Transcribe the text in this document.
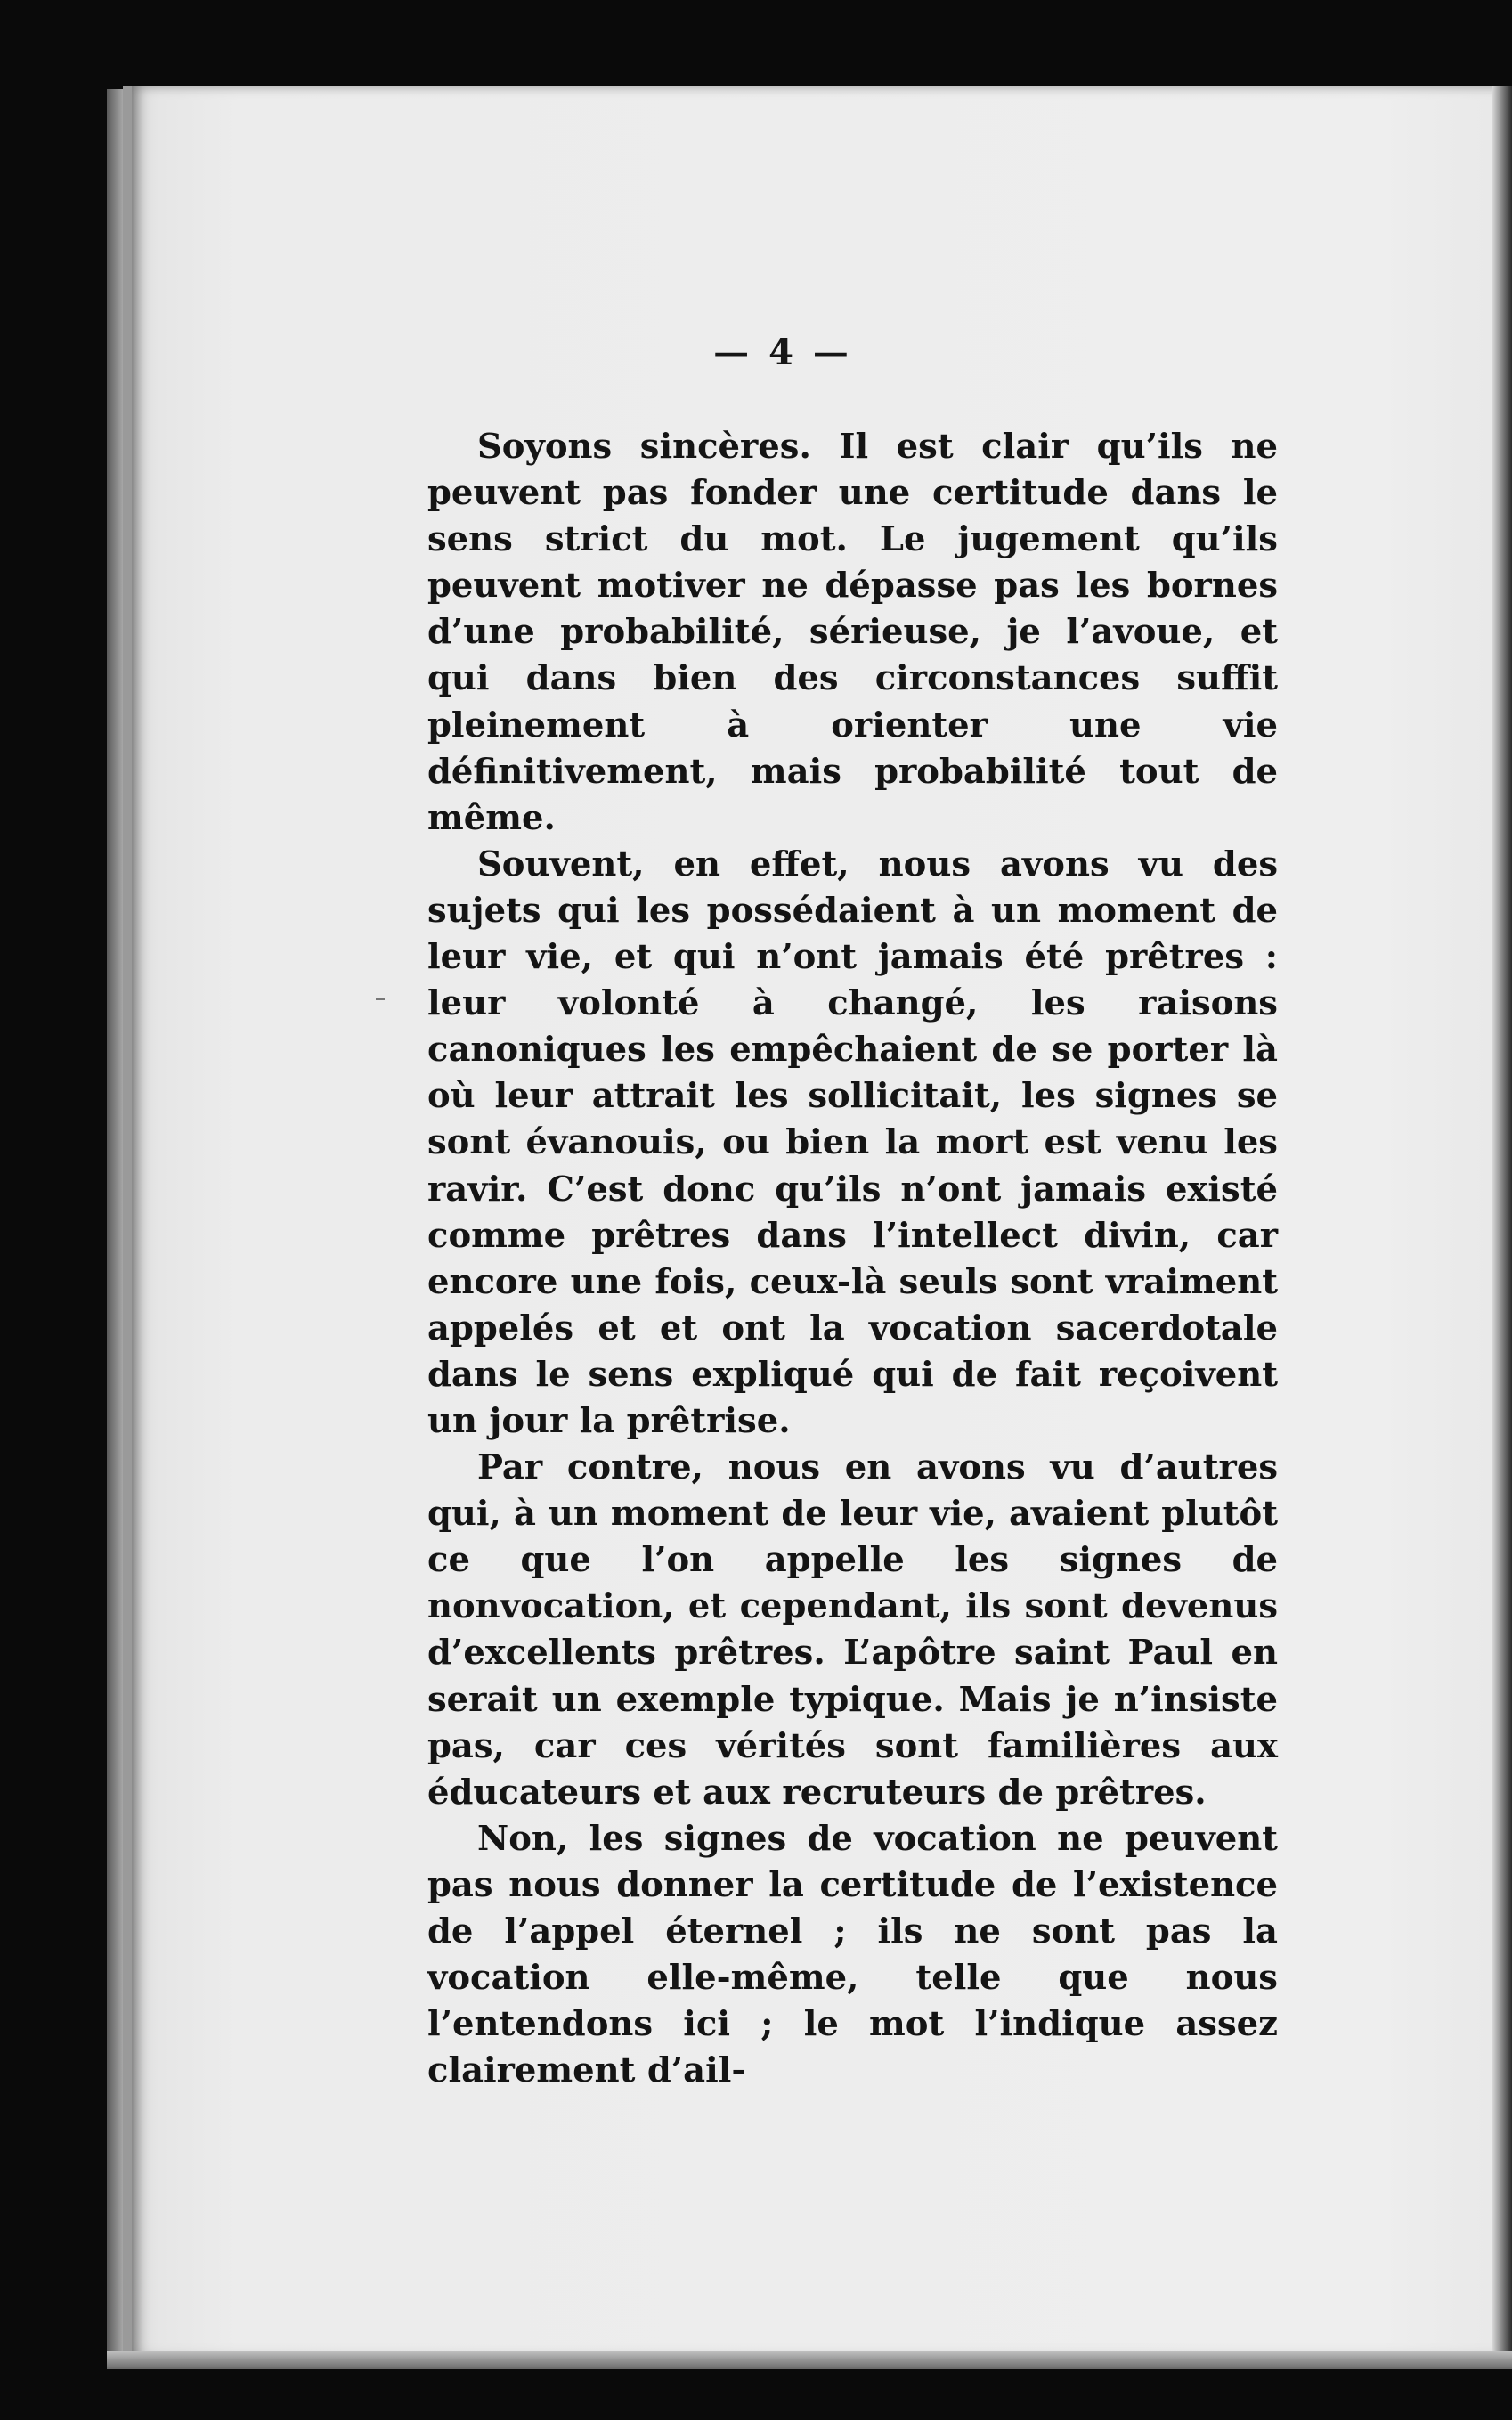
— 4 —

Soyons sincères. Il est clair qu’ils ne peuvent pas fonder une certitude dans le sens strict du mot. Le jugement qu’ils peuvent motiver ne dépasse pas les bornes d’une probabilité, sérieuse, je l’avoue, et qui dans bien des circonstances suffit pleinement à orienter une vie définitivement, mais probabilité tout de même.

Souvent, en effet, nous avons vu des sujets qui les possédaient à un moment de leur vie, et qui n’ont jamais été prêtres : leur volonté à changé, les raisons canoniques les empêchaient de se porter là où leur attrait les sollicitait, les signes se sont évanouis, ou bien la mort est venu les ravir. C’est donc qu’ils n’ont jamais existé comme prêtres dans l’intellect divin, car encore une fois, ceux-là seuls sont vraiment appelés et et ont la vocation sacerdotale dans le sens expliqué qui de fait reçoivent un jour la prêtrise.

Par contre, nous en avons vu d’autres qui, à un moment de leur vie, avaient plutôt ce que l’on appelle les signes de nonvocation, et cependant, ils sont devenus d’excellents prêtres. L’apôtre saint Paul en serait un exemple typique. Mais je n’insiste pas, car ces vérités sont familières aux éducateurs et aux recruteurs de prêtres.

Non, les signes de vocation ne peuvent pas nous donner la certitude de l’existence de l’appel éternel ; ils ne sont pas la vocation elle-même, telle que nous l’entendons ici ; le mot l’indique assez clairement d’ail-
